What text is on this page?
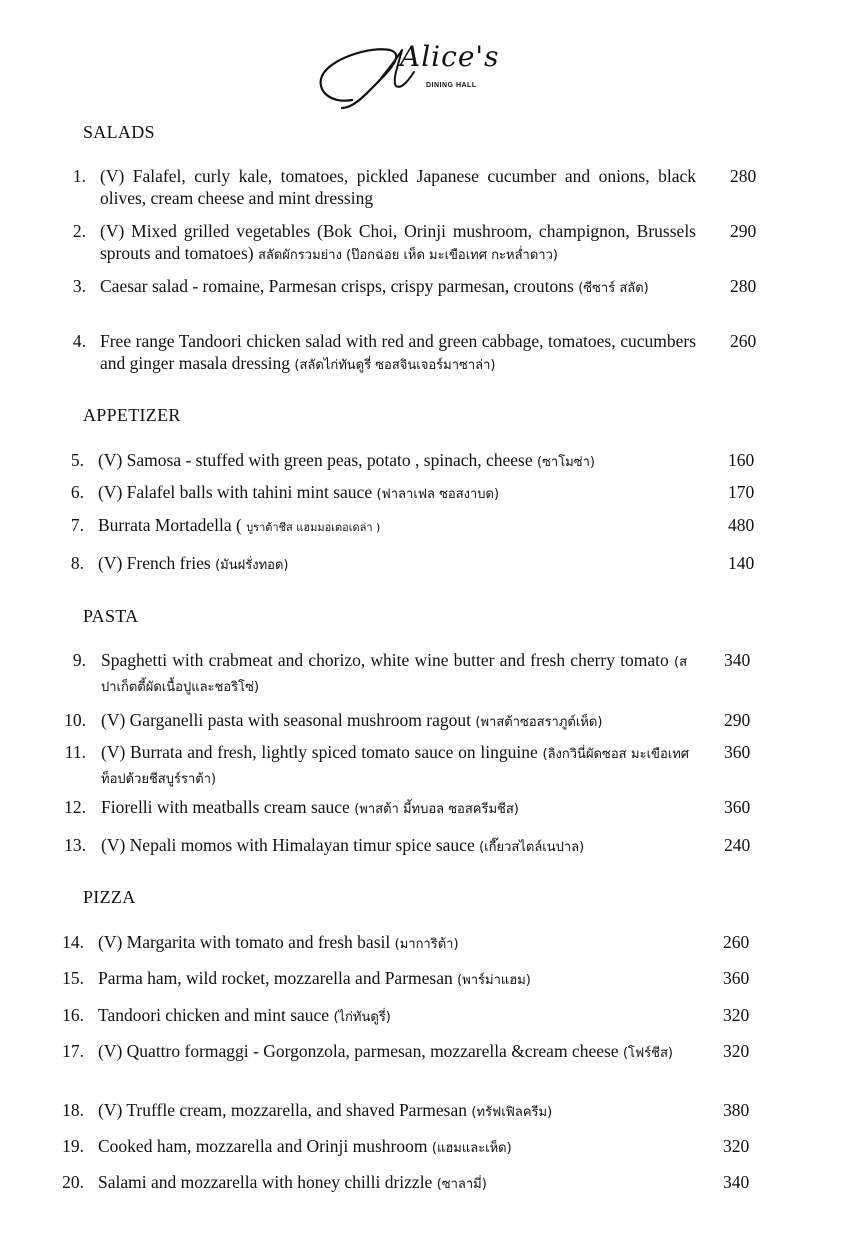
Alice's
DINING HALL
SALADS
1. (V) Falafel, curly kale, tomatoes, pickled Japanese cucumber and onions, black olives, cream cheese and mint dressing
280
2. (V) Mixed grilled vegetables (Bok Choi, Orinji mushroom, champignon, Brussels sprouts and tomatoes) สลัดผักรวมย่าง (ป๊อกฉ่อย เห็ด มะเขือเทศ กะหล่ำดาว)
290
3. Caesar salad - romaine, Parmesan crisps, crispy parmesan, croutons (ซีซาร์ สลัด)	280
4. Free range Tandoori chicken salad with red and green cabbage, tomatoes, cucumbers and ginger masala dressing (สลัดไก่ทันดูรี่ ซอสจินเจอร์มาซาล่า)
260
APPETIZER
5. (V) Samosa - stuffed with green peas, potato , spinach, cheese (ซาโมซ่า)	160
6. (V) Falafel balls with tahini mint sauce (ฟาลาเฟล ซอสงาบด)	170
7. Burrata Mortadella ( บูราต้าชีส แฮมมอเตอเดล่า )	480
8. (V) French fries (มันฝรั่งทอด)	140
PASTA
9. Spaghetti with crabmeat and chorizo, white wine butter and fresh cherry tomato (สปาเก็ตตี้ผัดเนื้อปูและชอริโซ่)
340
10. (V) Garganelli pasta with seasonal mushroom ragout (พาสต้าซอสราภูต์เห็ด)	290
11. (V) Burrata and fresh, lightly spiced tomato sauce on linguine (ลิงกวินี่ผัดซอส มะเขือเทศ ท็อปด้วยชีสบูร์ราต้า)
360
12. Fiorelli with meatballs cream sauce (พาสต้า มี้ทบอล ซอสครีมชีส)	360
13. (V) Nepali momos with Himalayan timur spice sauce (เกี๊ยวสไตล์เนปาล)	240
PIZZA
14. (V) Margarita with tomato and fresh basil (มาการิต้า)	260
15. Parma ham, wild rocket, mozzarella and Parmesan (พาร์ม่าแฮม)	360
16. Tandoori chicken and mint sauce (ไก่ทันดูรี่)	320
17. (V) Quattro formaggi - Gorgonzola, parmesan, mozzarella &cream cheese (โฟร์ชีส)	320
18. (V) Truffle cream, mozzarella, and shaved Parmesan (ทรัฟเฟิลครีม)	380
19. Cooked ham, mozzarella and Orinji mushroom (แฮมและเห็ด)	320
20. Salami and mozzarella with honey chilli drizzle (ซาลามี่)	340
